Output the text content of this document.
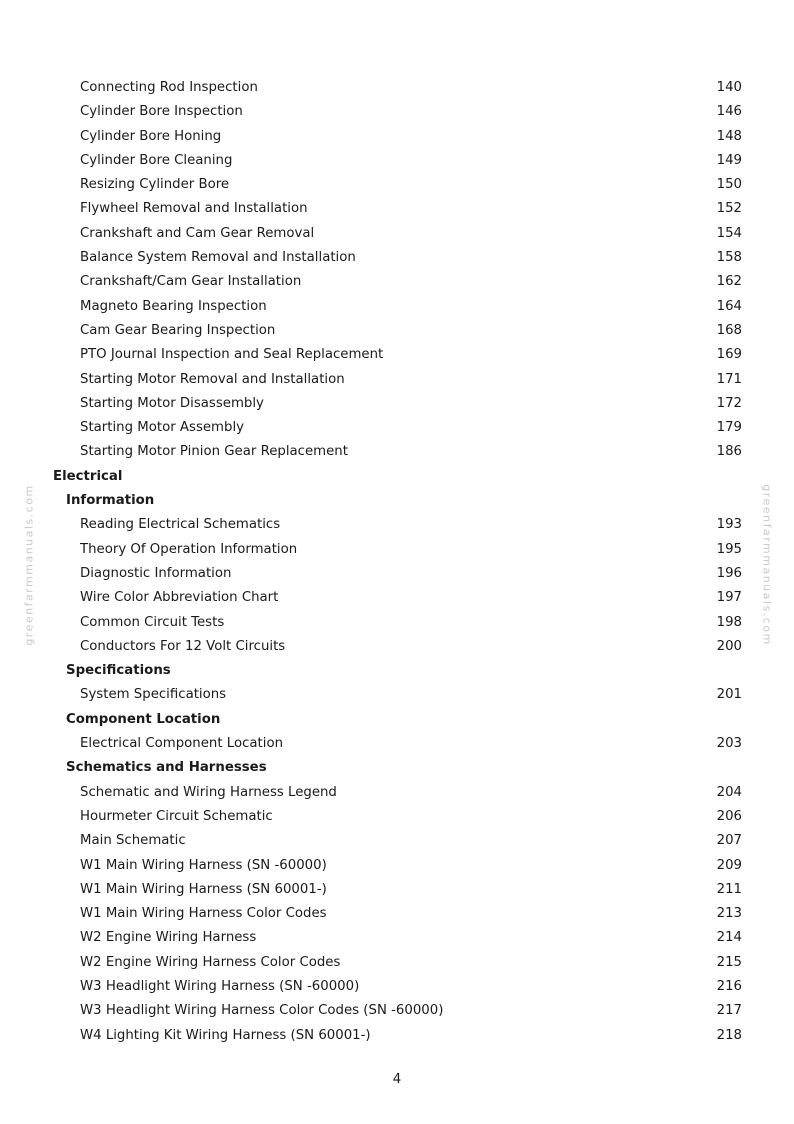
Connecting Rod Inspection	140
Cylinder Bore Inspection	146
Cylinder Bore Honing	148
Cylinder Bore Cleaning	149
Resizing Cylinder Bore	150
Flywheel Removal and Installation	152
Crankshaft and Cam Gear Removal	154
Balance System Removal and Installation	158
Crankshaft/Cam Gear Installation	162
Magneto Bearing Inspection	164
Cam Gear Bearing Inspection	168
PTO Journal Inspection and Seal Replacement	169
Starting Motor Removal and Installation	171
Starting Motor Disassembly	172
Starting Motor Assembly	179
Starting Motor Pinion Gear Replacement	186
Electrical
Information
Reading Electrical Schematics	193
Theory Of Operation Information	195
Diagnostic Information	196
Wire Color Abbreviation Chart	197
Common Circuit Tests	198
Conductors For 12 Volt Circuits	200
Specifications
System Specifications	201
Component Location
Electrical Component Location	203
Schematics and Harnesses
Schematic and Wiring Harness Legend	204
Hourmeter Circuit Schematic	206
Main Schematic	207
W1 Main Wiring Harness (SN -60000)	209
W1 Main Wiring Harness (SN 60001-)	211
W1 Main Wiring Harness Color Codes	213
W2 Engine Wiring Harness	214
W2 Engine Wiring Harness Color Codes	215
W3 Headlight Wiring Harness (SN -60000)	216
W3 Headlight Wiring Harness Color Codes (SN -60000)	217
W4 Lighting Kit Wiring Harness (SN 60001-)	218
greenfarmmanuals.com	greenfarmmanuals.com
4
